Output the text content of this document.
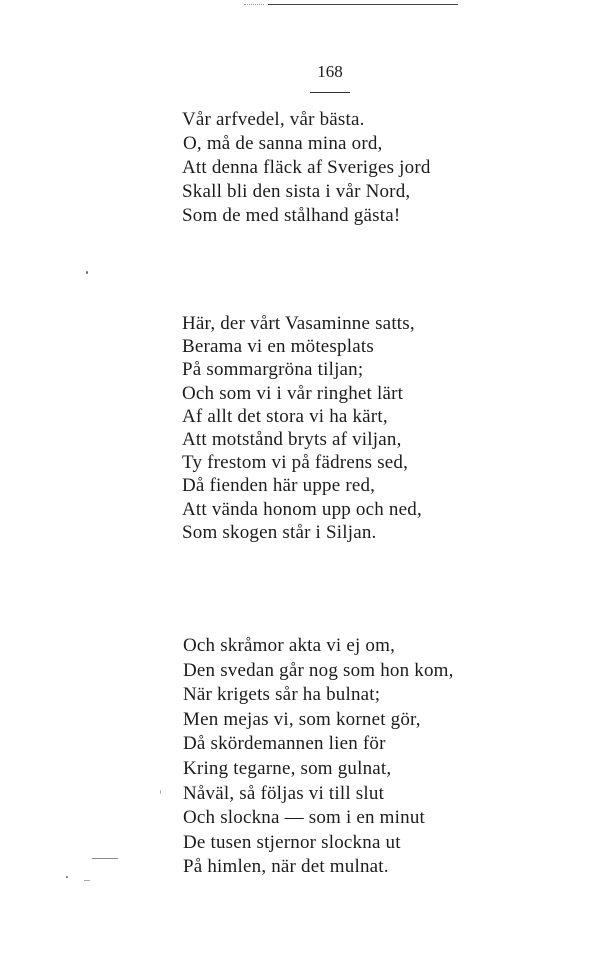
168
Vår arfvedel, vår bästa.
O, må de sanna mina ord,
Att denna fläck af Sveriges jord
Skall bli den sista i vår Nord,
Som de med stålhand gästa!
Här, der vårt Vasaminne satts,
Berama vi en mötesplats
På sommargröna tiljan;
Och som vi i vår ringhet lärt
Af allt det stora vi ha kärt,
Att motstånd bryts af viljan,
Ty frestom vi på fädrens sed,
Då fienden här uppe red,
Att vända honom upp och ned,
Som skogen står i Siljan.
Och skråmor akta vi ej om,
Den svedan går nog som hon kom,
När krigets sår ha bulnat;
Men mejas vi, som kornet gör,
Då skördemannen lien för
Kring tegarne, som gulnat,
Nåväl, så följas vi till slut
Och slockna — som i en minut
De tusen stjernor slockna ut
På himlen, när det mulnat.
